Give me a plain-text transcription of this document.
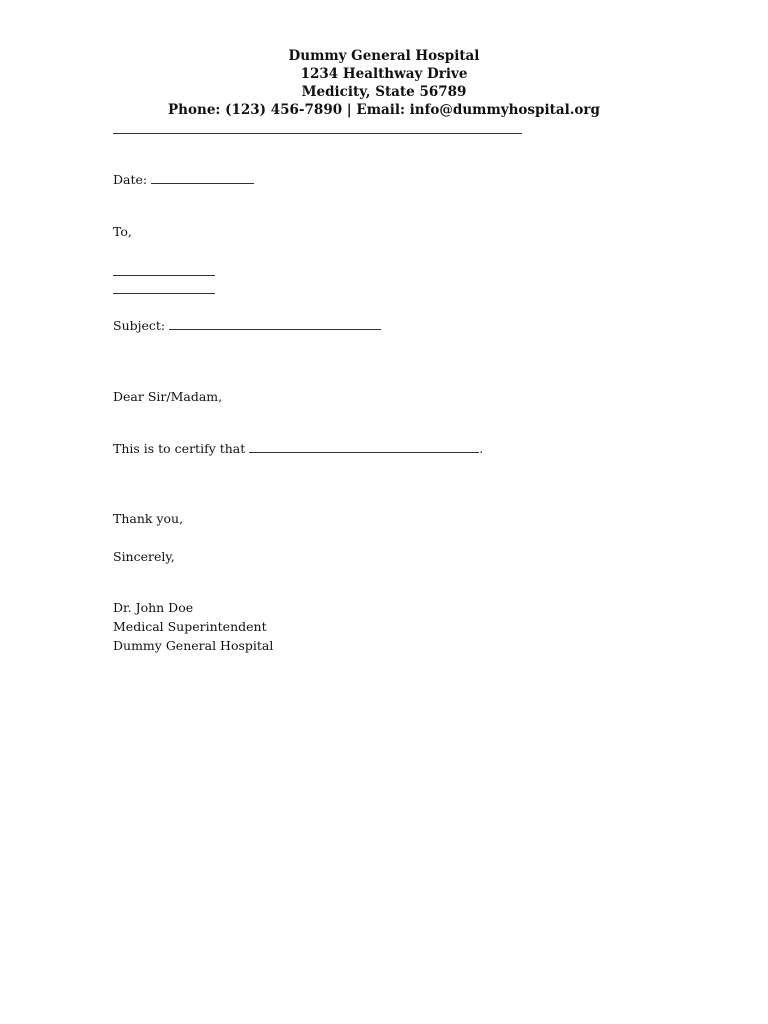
Dummy General Hospital
1234 Healthway Drive
Medicity, State 56789
Phone: (123) 456-7890 | Email: info@dummyhospital.org
Date:
To,
Subject:
Dear Sir/Madam,
This is to certify that	.
Thank you,
Sincerely,
Dr. John Doe
Medical Superintendent
Dummy General Hospital
